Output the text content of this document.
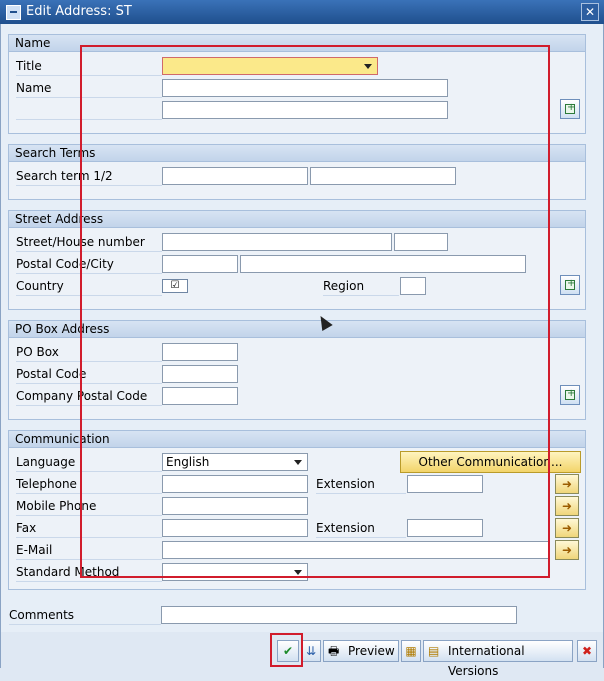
Edit Address: ST	✕
Name
Title
Name
+
Search Terms
Search term 1/2
Street Address
Street/House number
Postal Code/City
Country	☑	Region
+
PO Box Address
PO Box
Postal Code
Company Postal Code
+
Communication
Language	English	Other Communication...
Telephone	Extension	➜
Mobile Phone	➜
Fax	Extension	➜
E-Mail	➜
Standard Method
Comments
✔	⇊ 🖶 Preview ▦ ▤ International Versions
✖
